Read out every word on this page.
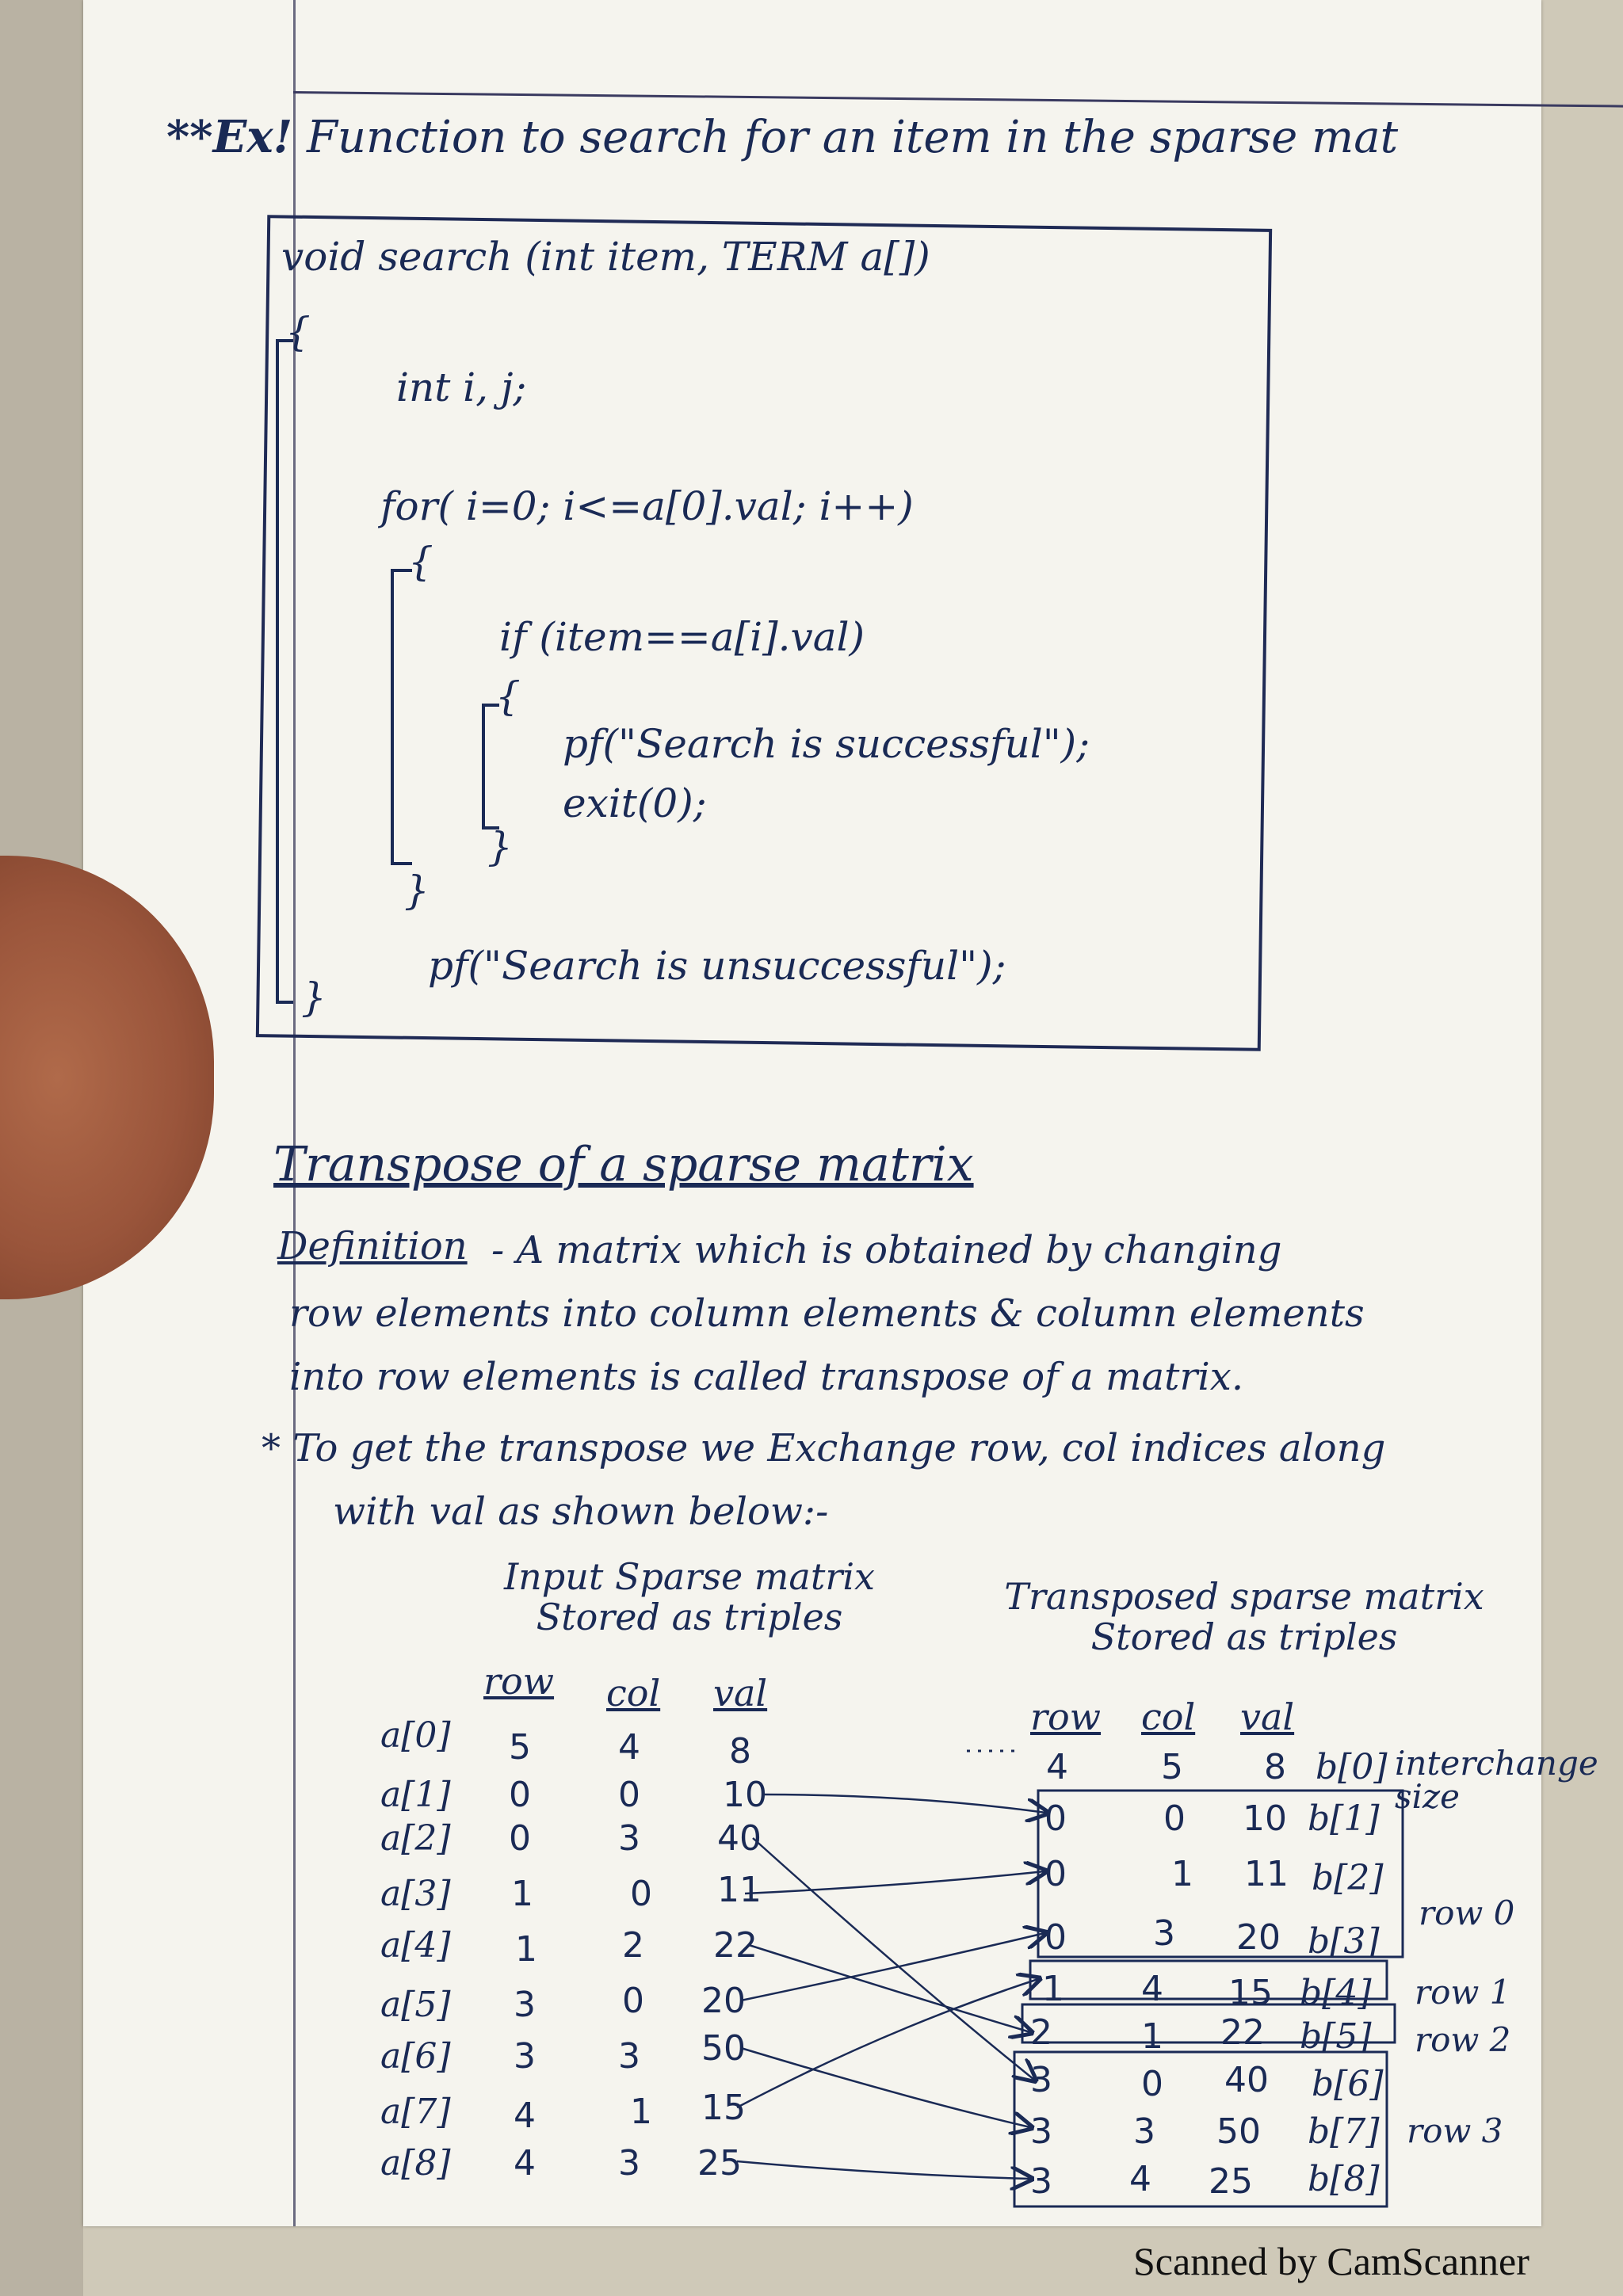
**Ex! Function to search for an item in the sparse mat
void search (int item, TERM a[])
{
int i, j;
for( i=0; i<=a[0].val; i++)
{
if (item==a[i].val)
{
pf("Search is successful");
exit(0);
}
}
pf("Search is unsuccessful");
}
Transpose of a sparse matrix
Definition - A matrix which is obtained by changing
row elements into column elements & column elements
into row elements is called transpose of a matrix.
* To get the transpose we Exchange row, col indices along
with val as shown below:-
Input Sparse matrix Stored as triples	Transposed sparse matrix Stored as triples
row col val
a[0] 5	4	8
a[1] 0	0 10
a[2] 0	3 40
a[3] 1	0 11
a[4] 1 2 22
a[5] 3 0 20
a[6] 3 3 50
a[7] 4	1 15
a[8] 4 3 25
row col val
4	5 8 b[0]
0	0 10 b[1]
0	1 11 b[2]
0 3 20 b[3]
1 4 15 b[4]
2	1 22 b[5]
3	0 40 b[6]
3 3 50 b[7]
3 4 25 b[8]
interchange size
row 0
row 1
row 2
row 3
Scanned by CamScanner
